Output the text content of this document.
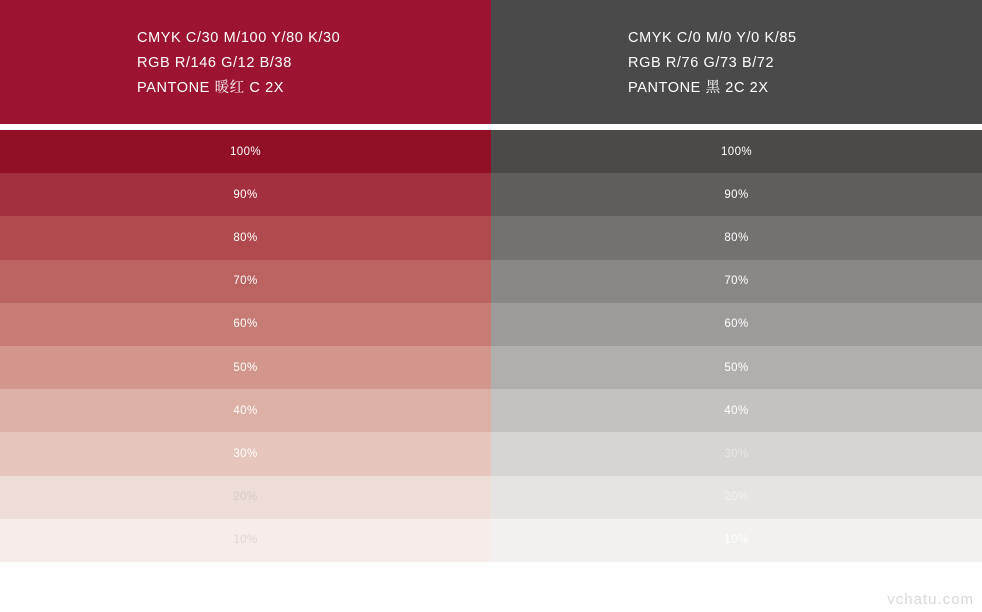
CMYK C/30 M/100 Y/80 K/30
RGB R/146 G/12 B/38
PANTONE 暖红 C 2X
100%
90%
80%
70%
60%
50%
40%
30%
20%
10%
CMYK C/0 M/0 Y/0 K/85
RGB R/76 G/73 B/72
PANTONE 黑 2C 2X
100%
90%
80%
70%
60%
50%
40%
30%
20%
10%
vchatu.com
